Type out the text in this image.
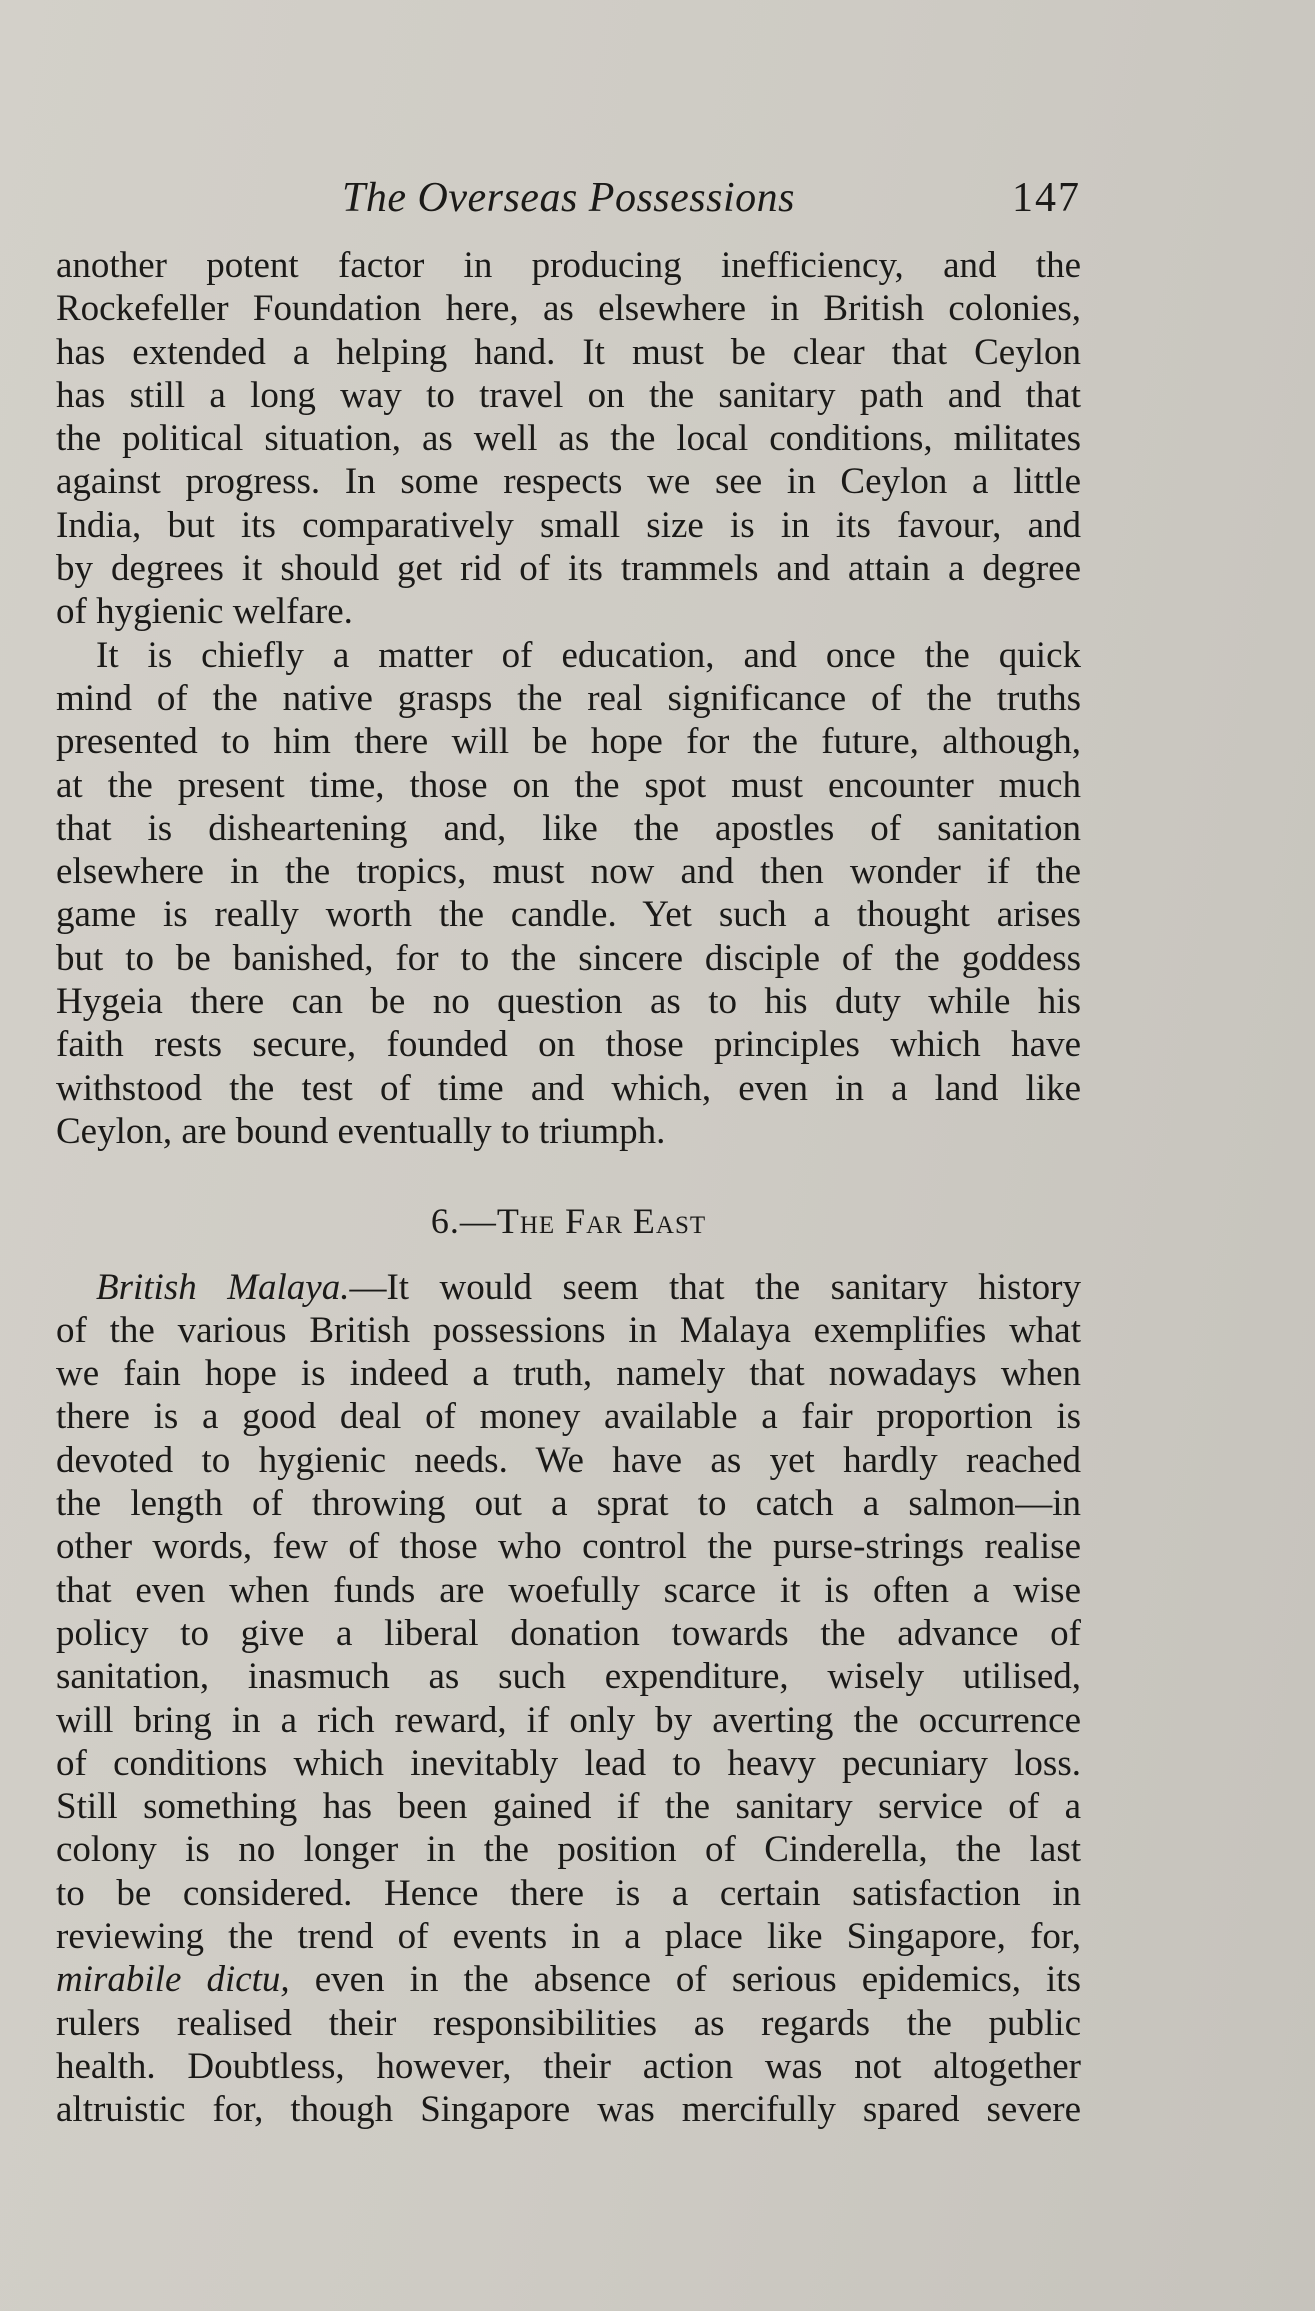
The Overseas Possessions	147
another potent factor in producing inefficiency, and the
Rockefeller Foundation here, as elsewhere in British colonies,
has extended a helping hand. It must be clear that Ceylon
has still a long way to travel on the sanitary path and that
the political situation, as well as the local conditions, militates
against progress. In some respects we see in Ceylon a little
India, but its comparatively small size is in its favour, and
by degrees it should get rid of its trammels and attain a degree
of hygienic welfare.
It is chiefly a matter of education, and once the quick
mind of the native grasps the real significance of the truths
presented to him there will be hope for the future, although,
at the present time, those on the spot must encounter much
that is disheartening and, like the apostles of sanitation
elsewhere in the tropics, must now and then wonder if the
game is really worth the candle. Yet such a thought arises
but to be banished, for to the sincere disciple of the goddess
Hygeia there can be no question as to his duty while his
faith rests secure, founded on those principles which have
withstood the test of time and which, even in a land like
Ceylon, are bound eventually to triumph.
6.—The Far East
British Malaya.—It would seem that the sanitary history
of the various British possessions in Malaya exemplifies what
we fain hope is indeed a truth, namely that nowadays when
there is a good deal of money available a fair proportion is
devoted to hygienic needs. We have as yet hardly reached
the length of throwing out a sprat to catch a salmon—in
other words, few of those who control the purse-strings realise
that even when funds are woefully scarce it is often a wise
policy to give a liberal donation towards the advance of
sanitation, inasmuch as such expenditure, wisely utilised,
will bring in a rich reward, if only by averting the occurrence
of conditions which inevitably lead to heavy pecuniary loss.
Still something has been gained if the sanitary service of a
colony is no longer in the position of Cinderella, the last
to be considered. Hence there is a certain satisfaction in
reviewing the trend of events in a place like Singapore, for,
mirabile dictu, even in the absence of serious epidemics, its
rulers realised their responsibilities as regards the public
health. Doubtless, however, their action was not altogether
altruistic for, though Singapore was mercifully spared severe
